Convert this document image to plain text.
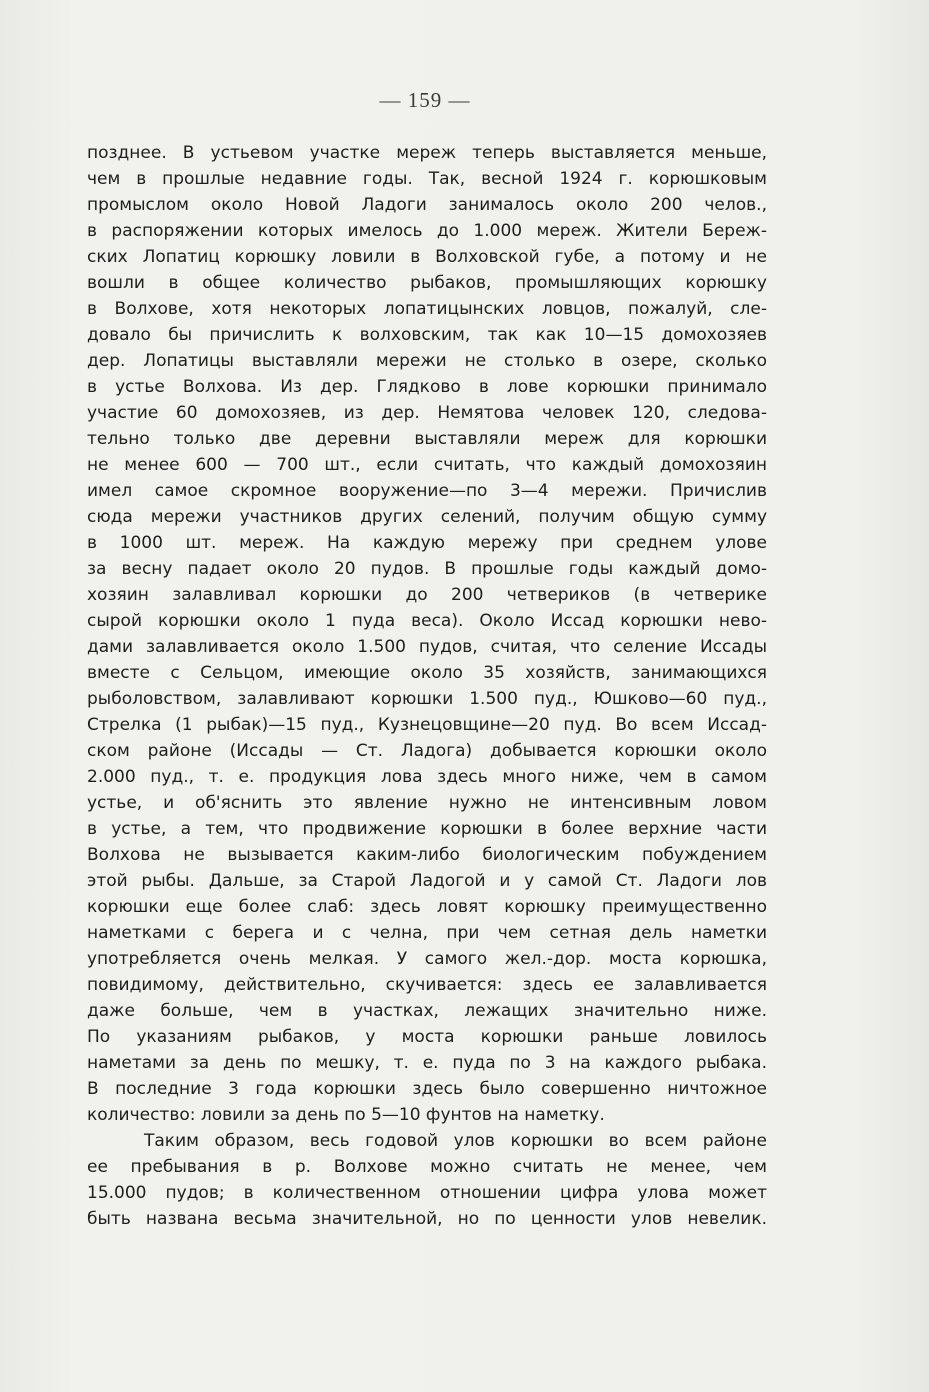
— 159 —
позднее. В устьевом участке мереж теперь выставляется меньше,
чем в прошлые недавние годы. Так, весной 1924 г. корюшковым
промыслом около Новой Ладоги занималось около 200 челов.,
в распоряжении которых имелось до 1.000 мереж. Жители Береж-
ских Лопатиц корюшку ловили в Волховской губе, а потому и не
вошли в общее количество рыбаков, промышляющих корюшку
в Волхове, хотя некоторых лопатицынских ловцов, пожалуй, сле-
довало бы причислить к волховским, так как 10—15 домохозяев
дер. Лопатицы выставляли мережи не столько в озере, сколько
в устье Волхова. Из дер. Глядково в лове корюшки принимало
участие 60 домохозяев, из дер. Немятова человек 120, следова-
тельно только две деревни выставляли мереж для корюшки
не менее 600 — 700 шт., если считать, что каждый домохозяин
имел самое скромное вооружение—по 3—4 мережи. Причислив
сюда мережи участников других селений, получим общую сумму
в 1000 шт. мереж. На каждую мережу при среднем улове
за весну падает около 20 пудов. В прошлые годы каждый домо-
хозяин залавливал корюшки до 200 четвериков (в четверике
сырой корюшки около 1 пуда веса). Около Иссад корюшки нево-
дами залавливается около 1.500 пудов, считая, что селение Иссады
вместе с Сельцом, имеющие около 35 хозяйств, занимающихся
рыболовством, залавливают корюшки 1.500 пуд., Юшково—60 пуд.,
Стрелка (1 рыбак)—15 пуд., Кузнецовщине—20 пуд. Во всем Иссад-
ском районе (Иссады — Ст. Ладога) добывается корюшки около
2.000 пуд., т. е. продукция лова здесь много ниже, чем в самом
устье, и об'яснить это явление нужно не интенсивным ловом
в устье, а тем, что продвижение корюшки в более верхние части
Волхова не вызывается каким-либо биологическим побуждением
этой рыбы. Дальше, за Старой Ладогой и у самой Ст. Ладоги лов
корюшки еще более слаб: здесь ловят корюшку преимущественно
наметками с берега и с челна, при чем сетная дель наметки
употребляется очень мелкая. У самого жел.-дор. моста корюшка,
повидимому, действительно, скучивается: здесь ее залавливается
даже больше, чем в участках, лежащих значительно ниже.
По указаниям рыбаков, у моста корюшки раньше ловилось
наметами за день по мешку, т. е. пуда по 3 на каждого рыбака.
В последние 3 года корюшки здесь было совершенно ничтожное
количество: ловили за день по 5—10 фунтов на наметку.
Таким образом, весь годовой улов корюшки во всем районе
ее пребывания в р. Волхове можно считать не менее, чем
15.000 пудов; в количественном отношении цифра улова может
быть названа весьма значительной, но по ценности улов невелик.
